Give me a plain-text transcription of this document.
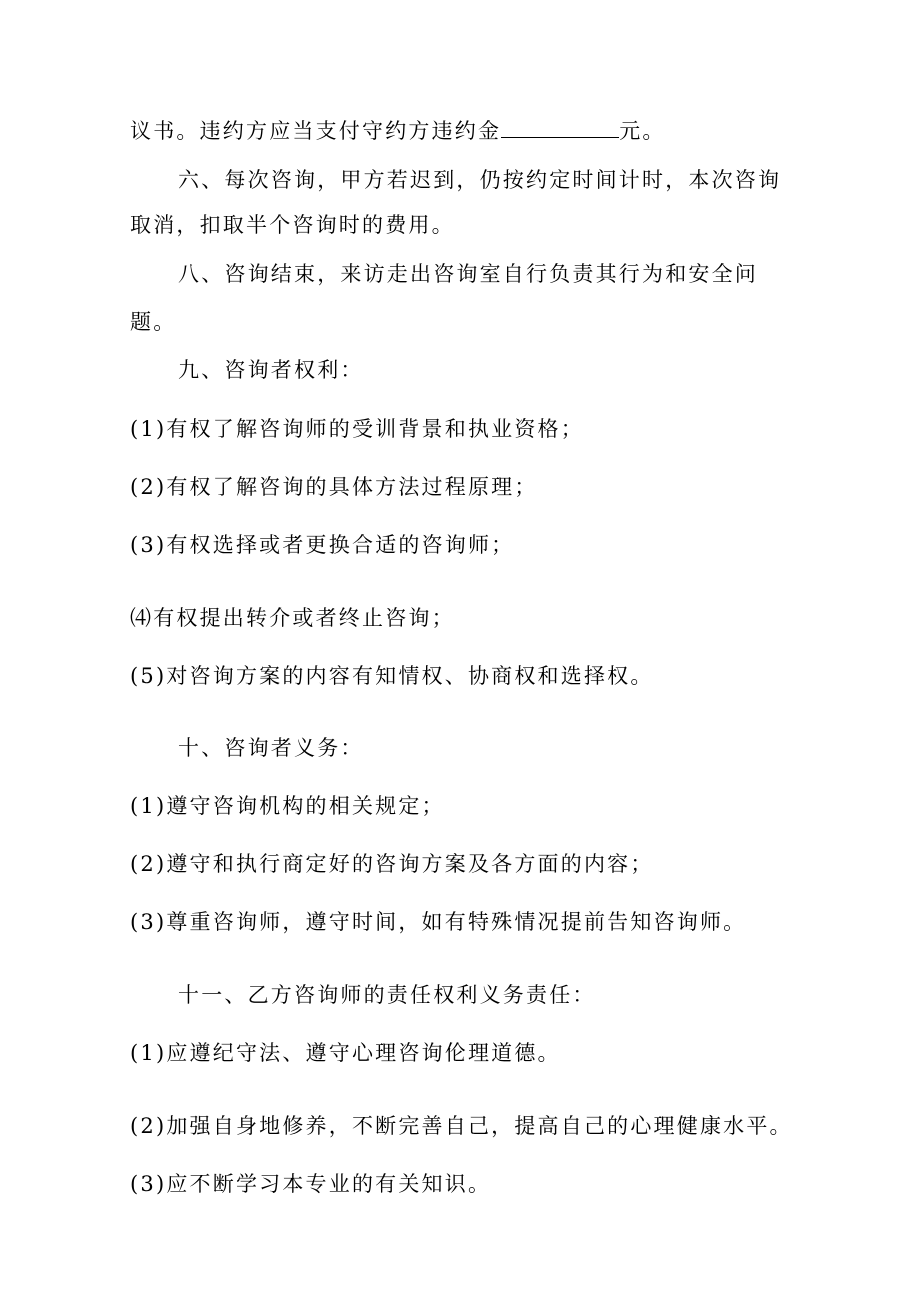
议书。违约方应当支付守约方违约金	元。
六、每次咨询，甲方若迟到，仍按约定时间计时，本次咨询
取消，扣取半个咨询时的费用。
八、咨询结束，来访走出咨询室自行负责其行为和安全问
题。
九、咨询者权利：
(1)有权了解咨询师的受训背景和执业资格；
(2)有权了解咨询的具体方法过程原理；
(3)有权选择或者更换合适的咨询师；
⑷有权提出转介或者终止咨询；
(5)对咨询方案的内容有知情权、协商权和选择权。
十、咨询者义务：
(1)遵守咨询机构的相关规定；
(2)遵守和执行商定好的咨询方案及各方面的内容；
(3)尊重咨询师，遵守时间，如有特殊情况提前告知咨询师。
十一、乙方咨询师的责任权利义务责任：
(1)应遵纪守法、遵守心理咨询伦理道德。
(2)加强自身地修养，不断完善自己，提高自己的心理健康水平。
(3)应不断学习本专业的有关知识。
